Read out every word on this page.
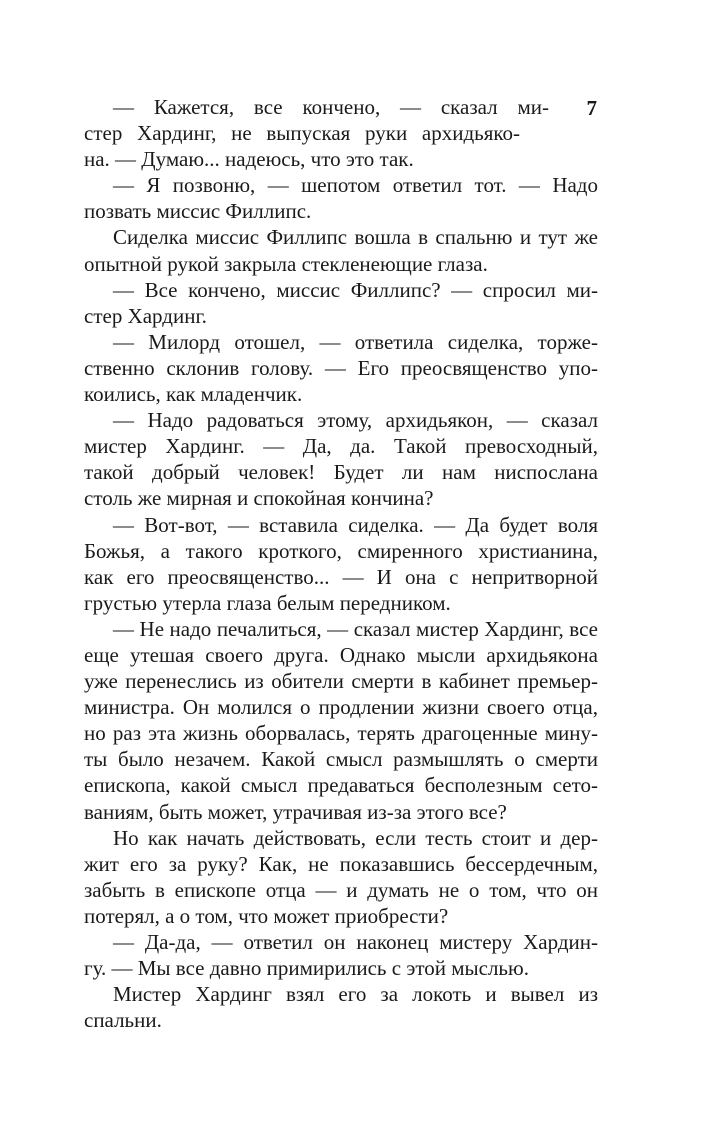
7
— Кажется, все кончено, — сказал ми-
стер Хардинг, не выпуская руки архидьяко-
на. — Думаю... надеюсь, что это так.
— Я позвоню, — шепотом ответил тот. — Надо
позвать миссис Филлипс.
Сиделка миссис Филлипс вошла в спальню и тут же
опытной рукой закрыла стекленеющие глаза.
— Все кончено, миссис Филлипс? — спросил ми-
стер Хардинг.
— Милорд отошел, — ответила сиделка, торже-
ственно склонив голову. — Его преосвященство упо-
коились, как младенчик.
— Надо радоваться этому, архидьякон, — сказал
мистер Хардинг. — Да, да. Такой превосходный,
такой добрый человек! Будет ли нам ниспослана
столь же мирная и спокойная кончина?
— Вот-вот, — вставила сиделка. — Да будет воля
Божья, а такого кроткого, смиренного христианина,
как его преосвященство... — И она с непритворной
грустью утерла глаза белым передником.
— Не надо печалиться, — сказал мистер Хардинг, все
еще утешая своего друга. Однако мысли архидьякона
уже перенеслись из обители смерти в кабинет премьер-
министра. Он молился о продлении жизни своего отца,
но раз эта жизнь оборвалась, терять драгоценные мину-
ты было незачем. Какой смысл размышлять о смерти
епископа, какой смысл предаваться бесполезным сето-
ваниям, быть может, утрачивая из-за этого все?
Но как начать действовать, если тесть стоит и дер-
жит его за руку? Как, не показавшись бессердечным,
забыть в епископе отца — и думать не о том, что он
потерял, а о том, что может приобрести?
— Да-да, — ответил он наконец мистеру Хардин-
гу. — Мы все давно примирились с этой мыслью.
Мистер Хардинг взял его за локоть и вывел из
спальни.
